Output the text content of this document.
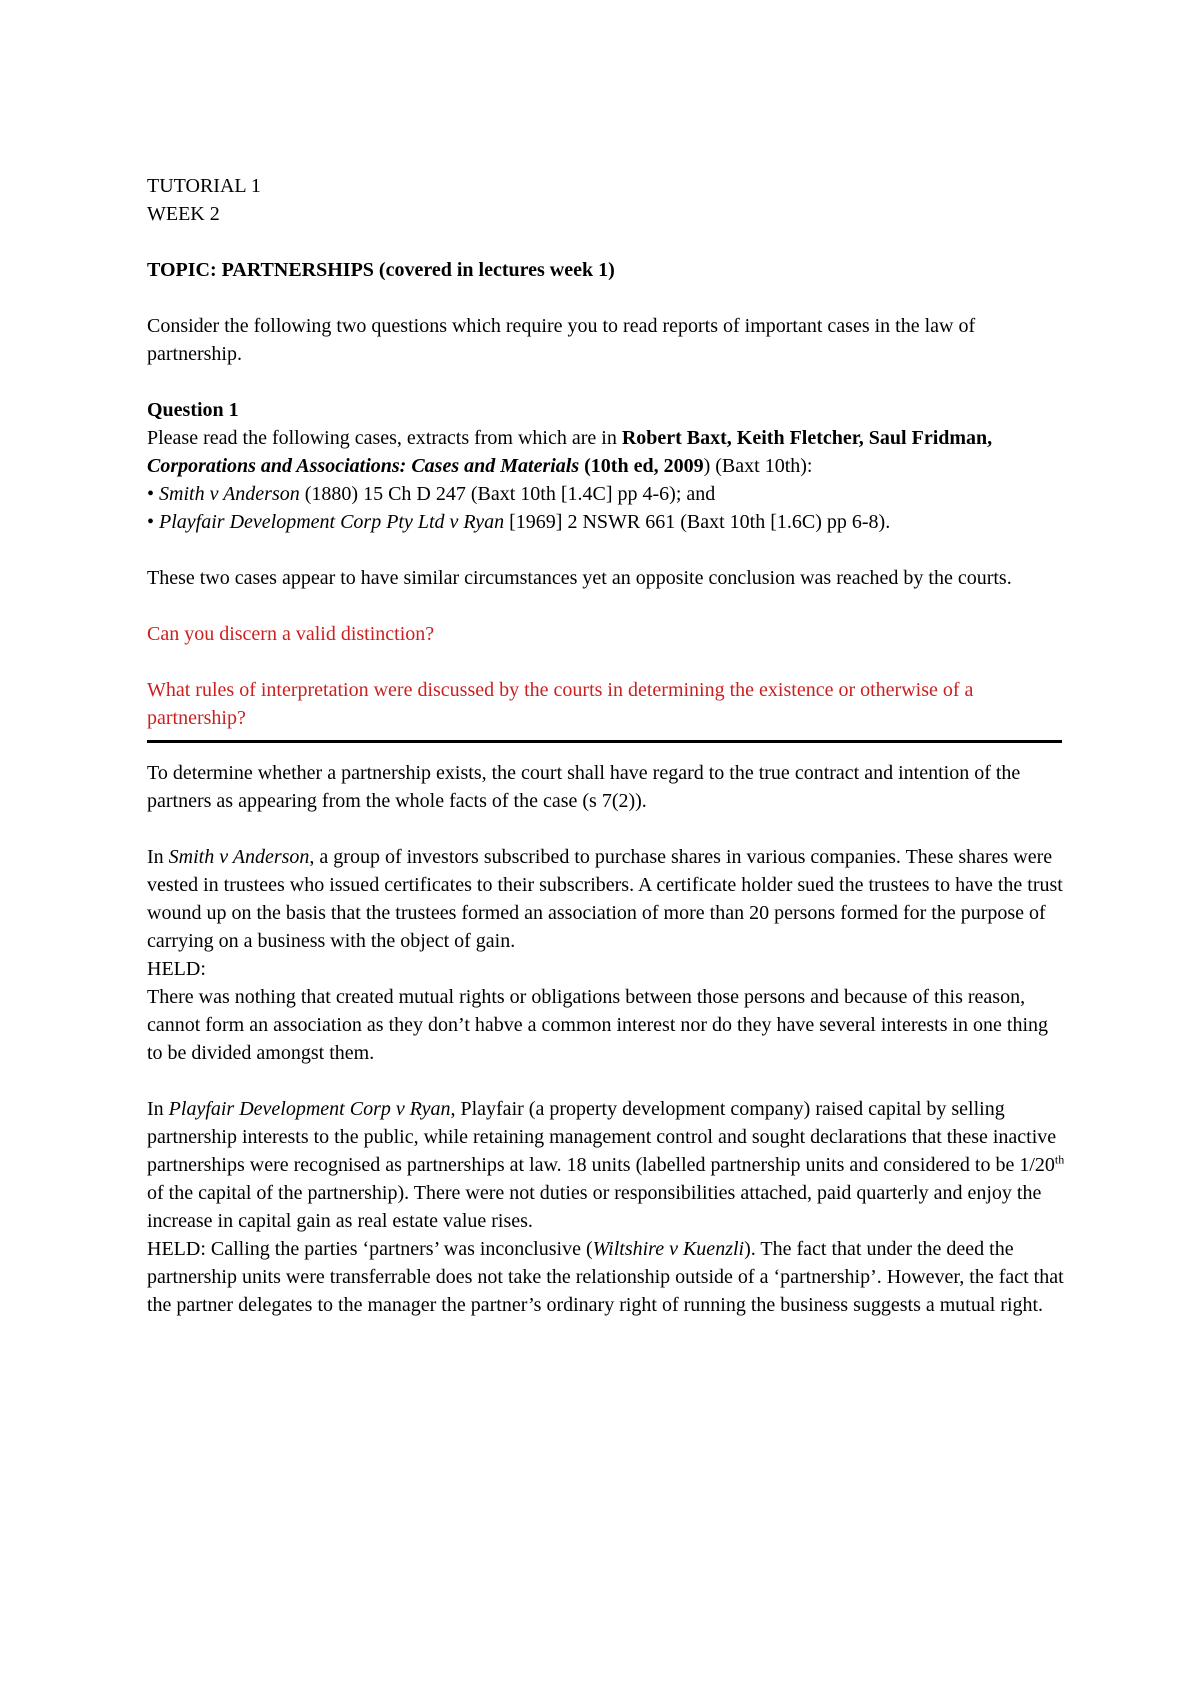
TUTORIAL 1
WEEK 2

TOPIC: PARTNERSHIPS (covered in lectures week 1)

Consider the following two questions which require you to read reports of important cases in the law of partnership.

Question 1

Please read the following cases, extracts from which are in Robert Baxt, Keith Fletcher, Saul Fridman, Corporations and Associations: Cases and Materials (10th ed, 2009) (Baxt 10th):

• Smith v Anderson (1880) 15 Ch D 247 (Baxt 10th [1.4C] pp 4-6); and

• Playfair Development Corp Pty Ltd v Ryan [1969] 2 NSWR 661 (Baxt 10th [1.6C) pp 6-8).

These two cases appear to have similar circumstances yet an opposite conclusion was reached by the courts.

Can you discern a valid distinction?

What rules of interpretation were discussed by the courts in determining the existence or otherwise of a partnership?

To determine whether a partnership exists, the court shall have regard to the true contract and intention of the partners as appearing from the whole facts of the case (s 7(2)).

In Smith v Anderson, a group of investors subscribed to purchase shares in various companies. These shares were vested in trustees who issued certificates to their subscribers. A certificate holder sued the trustees to have the trust wound up on the basis that the trustees formed an association of more than 20 persons formed for the purpose of carrying on a business with the object of gain.

HELD:

There was nothing that created mutual rights or obligations between those persons and because of this reason, cannot form an association as they don’t habve a common interest nor do they have several interests in one thing to be divided amongst them.

In Playfair Development Corp v Ryan, Playfair (a property development company) raised capital by selling partnership interests to the public, while retaining management control and sought declarations that these inactive partnerships were recognised as partnerships at law. 18 units (labelled partnership units and considered to be 1/20th of the capital of the partnership). There were not duties or responsibilities attached, paid quarterly and enjoy the increase in capital gain as real estate value rises.

HELD: Calling the parties ‘partners’ was inconclusive (Wiltshire v Kuenzli). The fact that under the deed the partnership units were transferrable does not take the relationship outside of a ‘partnership’. However, the fact that the partner delegates to the manager the partner’s ordinary right of running the business suggests a mutual right.
